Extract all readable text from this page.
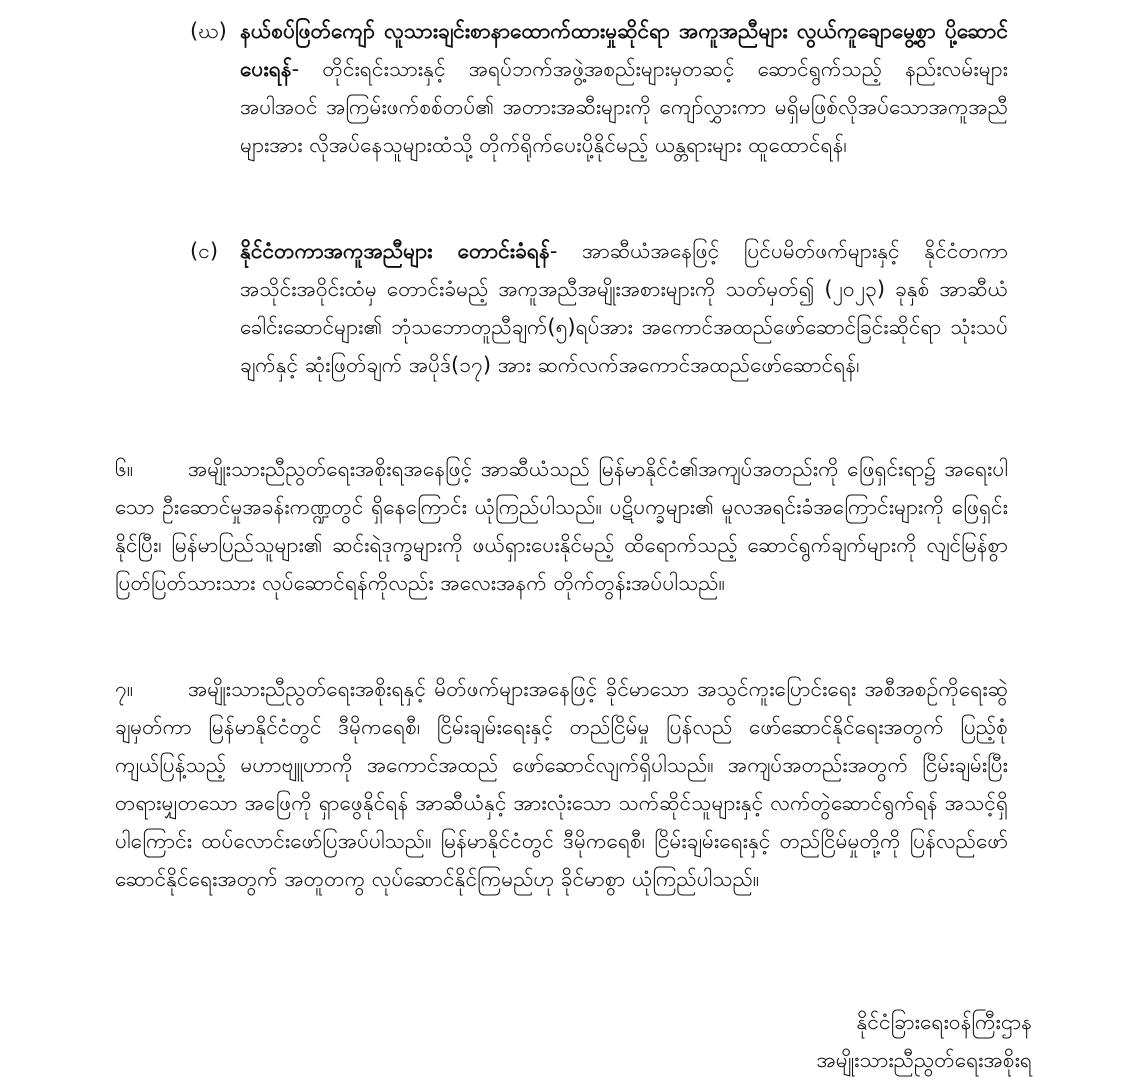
(ဃ) နယ်စပ်ဖြတ်ကျော် လူသားချင်းစာနာထောက်ထားမှုဆိုင်ရာ အကူအညီများ လွယ်ကူချောမွေ့စွာ ပို့ဆောင်ပေးရန်- တိုင်းရင်းသားနှင့် အရပ်ဘက်အဖွဲ့အစည်းများမှတဆင့် ဆောင်ရွက်သည့် နည်းလမ်းများအပါအဝင် အကြမ်းဖက်စစ်တပ်၏ အတားအဆီးများကို ကျော်လွှားကာ မရှိမဖြစ်လိုအပ်သောအကူအညီများအား လိုအပ်နေသူများထံသို့ တိုက်ရိုက်ပေးပို့နိုင်မည့် ယန္တရားများ ထူထောင်ရန်၊
(င) နိုင်ငံတကာအကူအညီများ တောင်းခံရန်- အာဆီယံအနေဖြင့် ပြင်ပမိတ်ဖက်များနှင့် နိုင်ငံတကာ အသိုင်းအဝိုင်းထံမှ တောင်းခံမည့် အကူအညီအမျိုးအစားများကို သတ်မှတ်၍ (၂၀၂၃) ခုနှစ် အာဆီယံခေါင်းဆောင်များ၏ ဘုံသဘောတူညီချက်(၅)ရပ်အား အကောင်အထည်ဖော်ဆောင်ခြင်းဆိုင်ရာ သုံးသပ်ချက်နှင့် ဆုံးဖြတ်ချက် အပိုဒ်(၁၇) အား ဆက်လက်အကောင်အထည်ဖော်ဆောင်ရန်၊
၆။	အမျိုးသားညီညွတ်ရေးအစိုးရအနေဖြင့် အာဆီယံသည် မြန်မာနိုင်ငံ၏အကျပ်အတည်းကို ဖြေရှင်းရာ၌ အရေးပါသော ဦးဆောင်မှုအခန်းကဏ္ဍတွင် ရှိနေကြောင်း ယုံကြည်ပါသည်။ ပဋိပက္ခများ၏ မူလအရင်းခံအကြောင်းများကို ဖြေရှင်းနိုင်ပြီး၊ မြန်မာပြည်သူများ၏ ဆင်းရဲဒုက္ခများကို ဖယ်ရှားပေးနိုင်မည့် ထိရောက်သည့် ဆောင်ရွက်ချက်များကို လျင်မြန်စွာ ပြတ်ပြတ်သားသား လုပ်ဆောင်ရန်ကိုလည်း အလေးအနက် တိုက်တွန်းအပ်ပါသည်။
၇။	အမျိုးသားညီညွတ်ရေးအစိုးရနှင့် မိတ်ဖက်များအနေဖြင့် ခိုင်မာသော အသွင်ကူးပြောင်းရေး အစီအစဉ်ကိုရေးဆွဲချမှတ်ကာ မြန်မာနိုင်ငံတွင် ဒီမိုကရေစီ၊ ငြိမ်းချမ်းရေးနှင့် တည်ငြိမ်မှု ပြန်လည် ဖော်ဆောင်နိုင်ရေးအတွက် ပြည့်စုံကျယ်ပြန့်သည့် မဟာဗျူဟာကို အကောင်အထည် ဖော်ဆောင်လျက်ရှိပါသည်။ အကျပ်အတည်းအတွက် ငြိမ်းချမ်းပြီး တရားမျှတသော အဖြေကို ရှာဖွေနိုင်ရန် အာဆီယံနှင့် အားလုံးသော သက်ဆိုင်သူများနှင့် လက်တွဲဆောင်ရွက်ရန် အသင့်ရှိပါကြောင်း ထပ်လောင်းဖော်ပြအပ်ပါသည်။ မြန်မာနိုင်ငံတွင် ဒီမိုကရေစီ၊ ငြိမ်းချမ်းရေးနှင့် တည်ငြိမ်မှုတို့ကို ပြန်လည်ဖော်ဆောင်နိုင်ရေးအတွက် အတူတကွ လုပ်ဆောင်နိုင်ကြမည်ဟု ခိုင်မာစွာ ယုံကြည်ပါသည်။
နိုင်ငံခြားရေးဝန်ကြီးဌာန
အမျိုးသားညီညွတ်ရေးအစိုးရ
